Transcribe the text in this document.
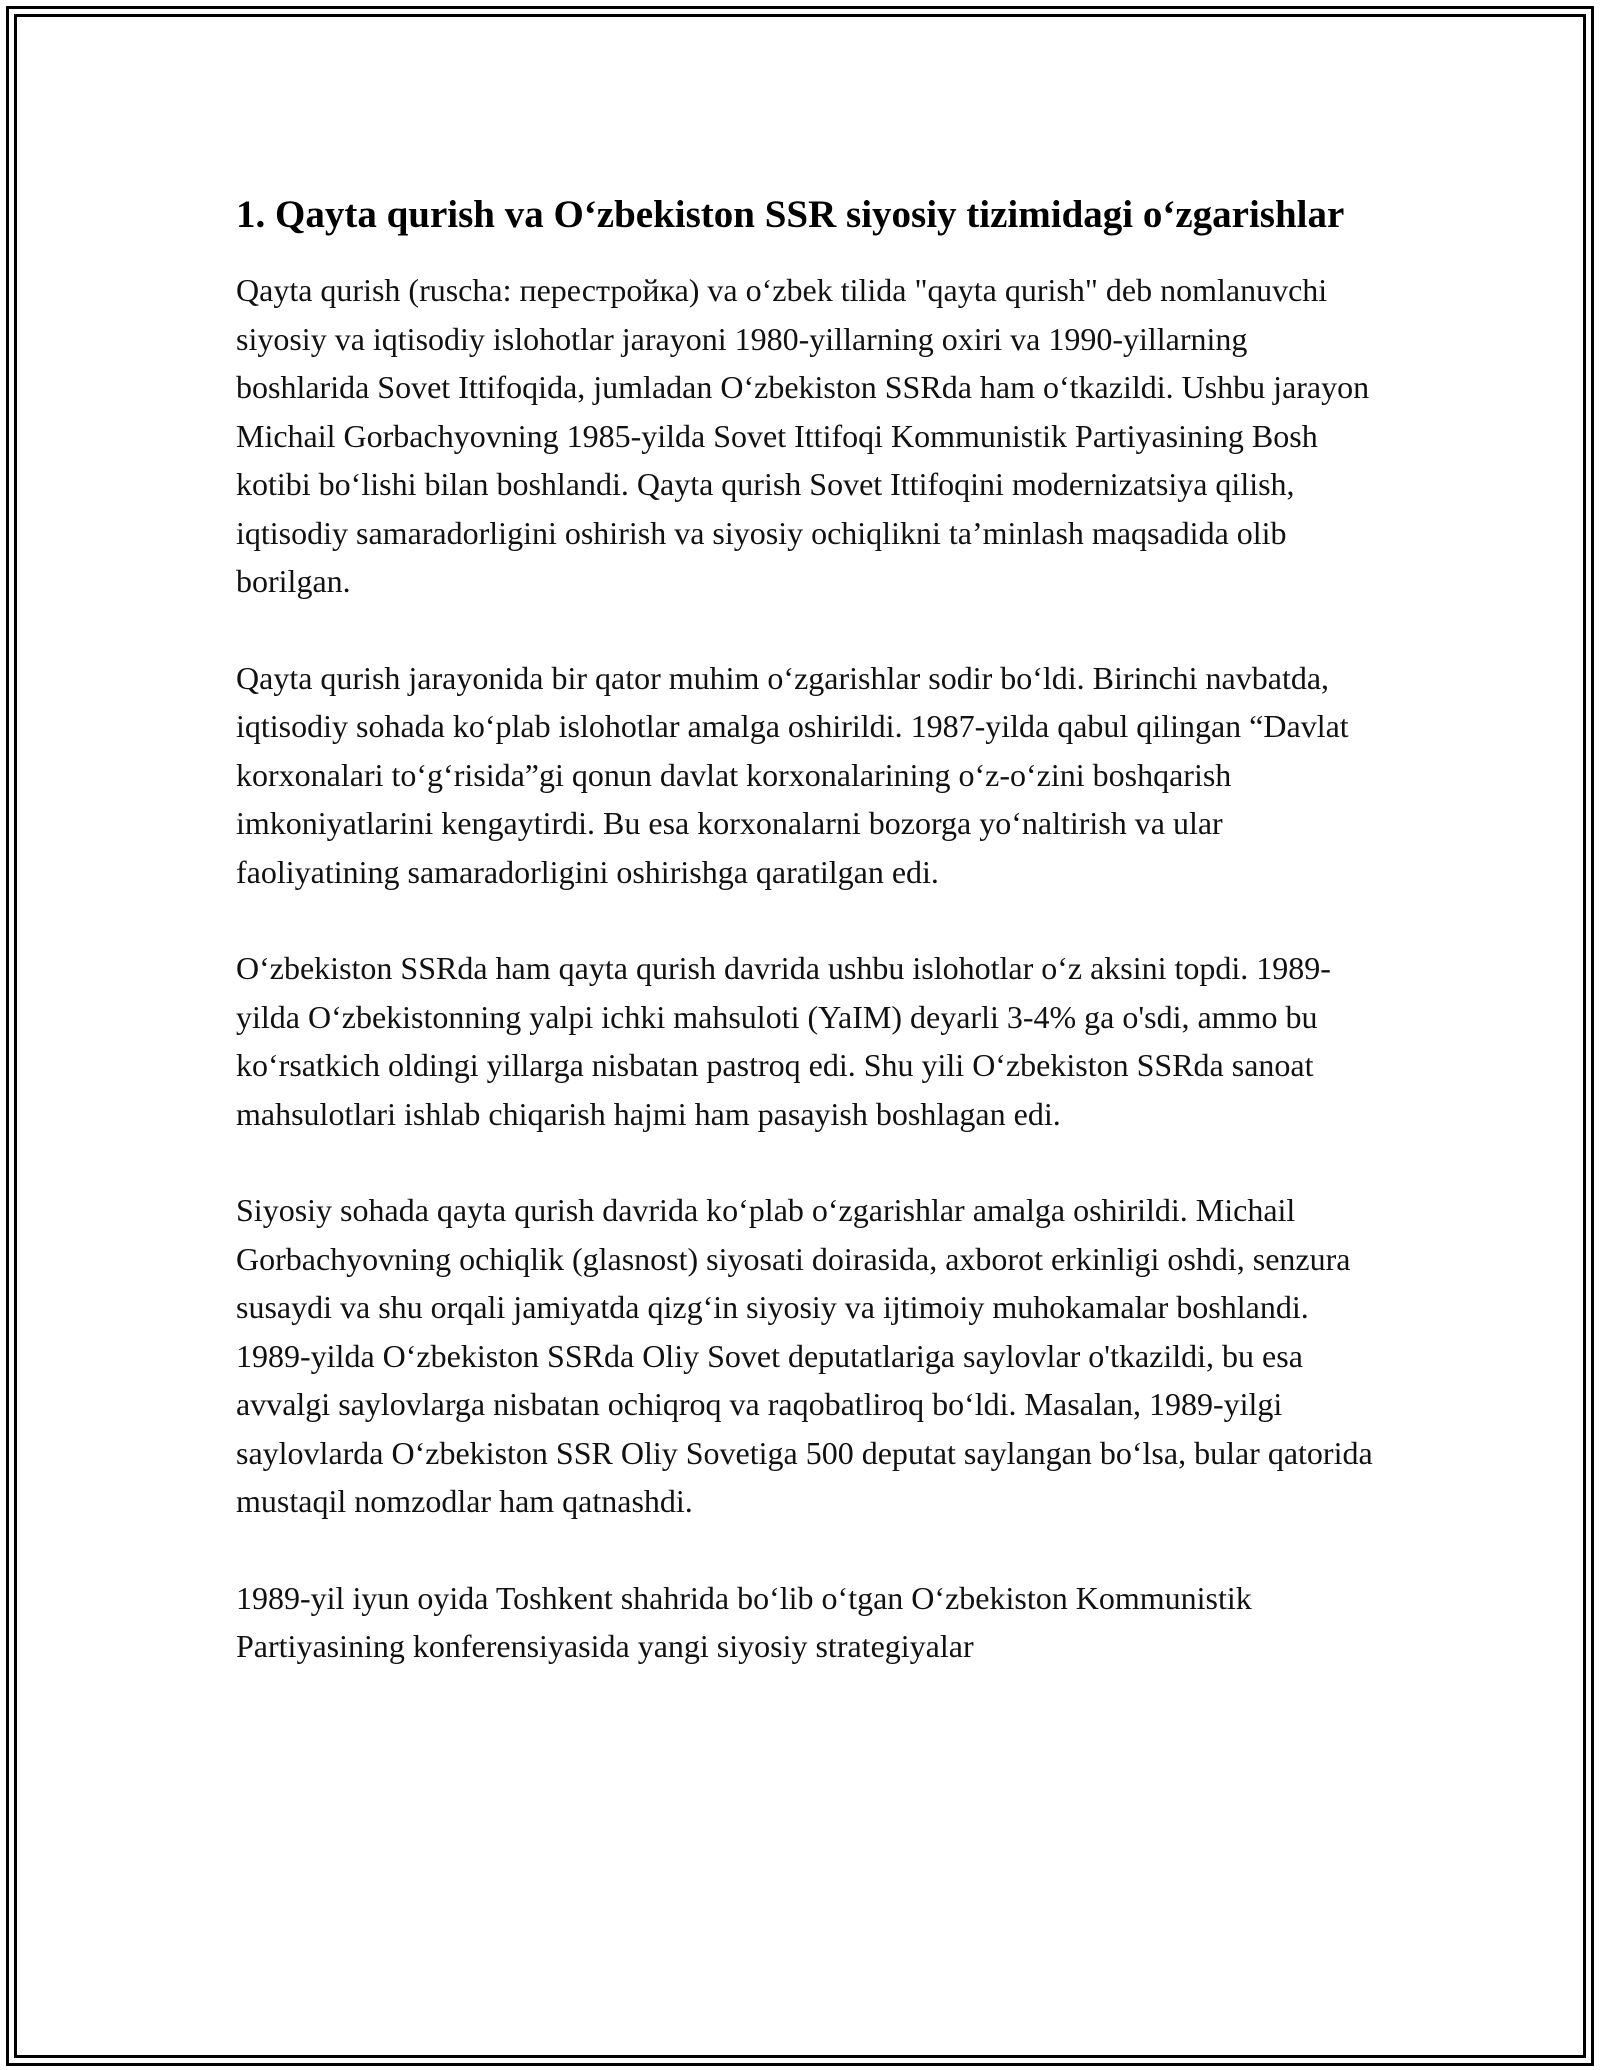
1. Qayta qurish va O‘zbekiston SSR siyosiy tizimidagi o‘zgarishlar

Qayta qurish (ruscha: перестройка) va o‘zbek tilida "qayta qurish" deb nomlanuvchi siyosiy va iqtisodiy islohotlar jarayoni 1980-yillarning oxiri va 1990-yillarning boshlarida Sovet Ittifoqida, jumladan O‘zbekiston SSRda ham o‘tkazildi. Ushbu jarayon Michail Gorbachyovning 1985-yilda Sovet Ittifoqi Kommunistik Partiyasining Bosh kotibi bo‘lishi bilan boshlandi. Qayta qurish Sovet Ittifoqini modernizatsiya qilish, iqtisodiy samaradorligini oshirish va siyosiy ochiqlikni ta’minlash maqsadida olib borilgan.

Qayta qurish jarayonida bir qator muhim o‘zgarishlar sodir bo‘ldi. Birinchi navbatda, iqtisodiy sohada ko‘plab islohotlar amalga oshirildi. 1987-yilda qabul qilingan “Davlat korxonalari to‘g‘risida”gi qonun davlat korxonalarining o‘z-o‘zini boshqarish imkoniyatlarini kengaytirdi. Bu esa korxonalarni bozorga yo‘naltirish va ular faoliyatining samaradorligini oshirishga qaratilgan edi.

O‘zbekiston SSRda ham qayta qurish davrida ushbu islohotlar o‘z aksini topdi. 1989-yilda O‘zbekistonning yalpi ichki mahsuloti (YaIM) deyarli 3-4% ga o'sdi, ammo bu ko‘rsatkich oldingi yillarga nisbatan pastroq edi. Shu yili O‘zbekiston SSRda sanoat mahsulotlari ishlab chiqarish hajmi ham pasayish boshlagan edi.

Siyosiy sohada qayta qurish davrida ko‘plab o‘zgarishlar amalga oshirildi. Michail Gorbachyovning ochiqlik (glasnost) siyosati doirasida, axborot erkinligi oshdi, senzura susaydi va shu orqali jamiyatda qizg‘in siyosiy va ijtimoiy muhokamalar boshlandi. 1989-yilda O‘zbekiston SSRda Oliy Sovet deputatlariga saylovlar o'tkazildi, bu esa avvalgi saylovlarga nisbatan ochiqroq va raqobatliroq bo‘ldi. Masalan, 1989-yilgi saylovlarda O‘zbekiston SSR Oliy Sovetiga 500 deputat saylangan bo‘lsa, bular qatorida mustaqil nomzodlar ham qatnashdi.

1989-yil iyun oyida Toshkent shahrida bo‘lib o‘tgan O‘zbekiston Kommunistik Partiyasining konferensiyasida yangi siyosiy strategiyalar
